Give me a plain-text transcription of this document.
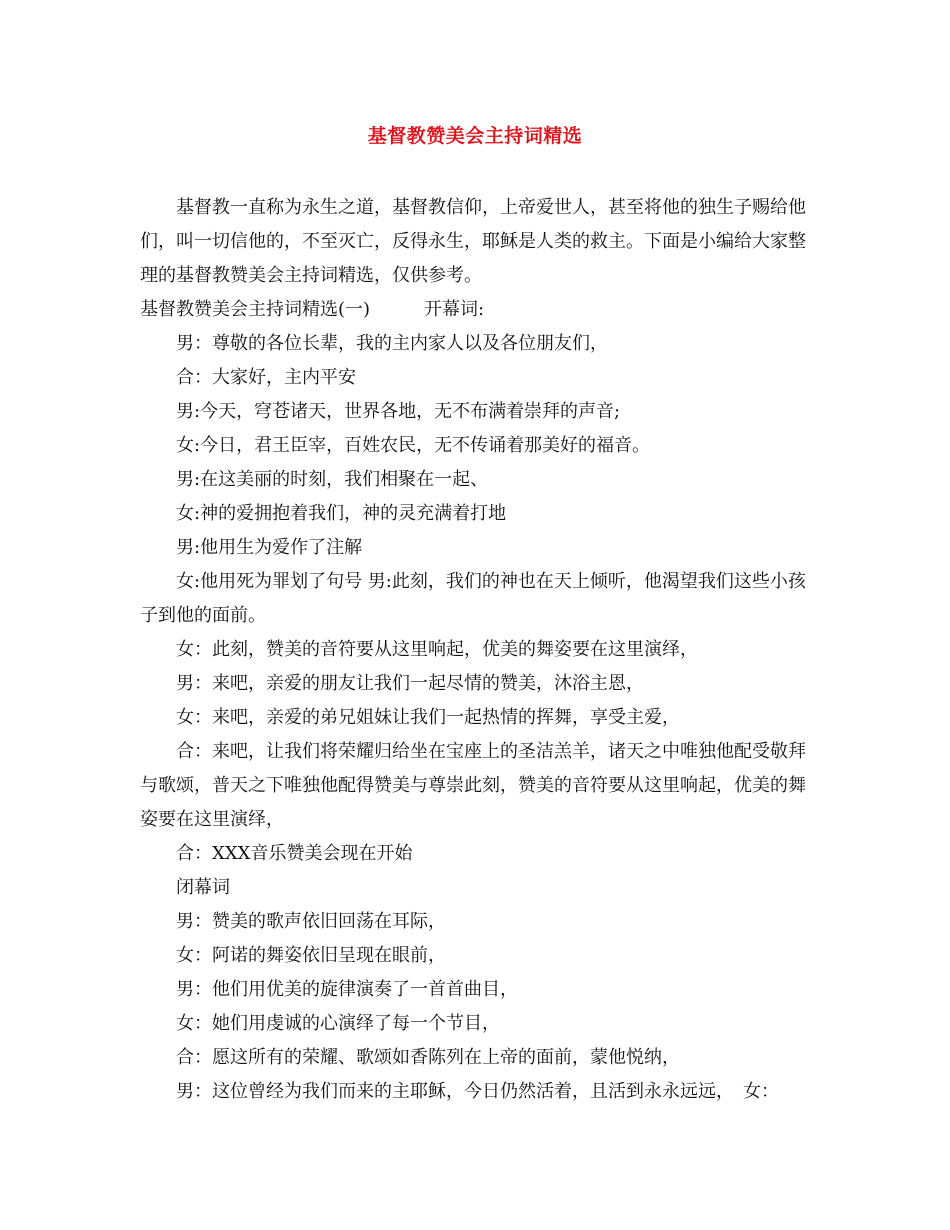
基督教赞美会主持词精选

基督教一直称为永生之道，基督教信仰，上帝爱世人，甚至将他的独生子赐给他们，叫一切信他的，不至灭亡，反得永生，耶稣是人类的救主。下面是小编给大家整理的基督教赞美会主持词精选，仅供参考。

基督教赞美会主持词精选(一)	开幕词:

男：尊敬的各位长辈，我的主内家人以及各位朋友们，

合：大家好，主内平安

男:今天，穹苍诸天，世界各地，无不布满着崇拜的声音;

女:今日，君王臣宰，百姓农民，无不传诵着那美好的福音。

男:在这美丽的时刻，我们相聚在一起、

女:神的爱拥抱着我们，神的灵充满着打地

男:他用生为爱作了注解

女:他用死为罪划了句号 男:此刻，我们的神也在天上倾听，他渴望我们这些小孩子到他的面前。

女：此刻，赞美的音符要从这里响起，优美的舞姿要在这里演绎，

男：来吧，亲爱的朋友让我们一起尽情的赞美，沐浴主恩，

女：来吧，亲爱的弟兄姐妹让我们一起热情的挥舞，享受主爱，

合：来吧，让我们将荣耀归给坐在宝座上的圣洁羔羊，诸天之中唯独他配受敬拜与歌颂，普天之下唯独他配得赞美与尊崇此刻，赞美的音符要从这里响起，优美的舞姿要在这里演绎，

合：XXX音乐赞美会现在开始

闭幕词

男：赞美的歌声依旧回荡在耳际，

女：阿诺的舞姿依旧呈现在眼前，

男：他们用优美的旋律演奏了一首首曲目，

女：她们用虔诚的心演绎了每一个节目，

合：愿这所有的荣耀、歌颂如香陈列在上帝的面前，蒙他悦纳，

男：这位曾经为我们而来的主耶稣，今日仍然活着，且活到永永远远，　女：
